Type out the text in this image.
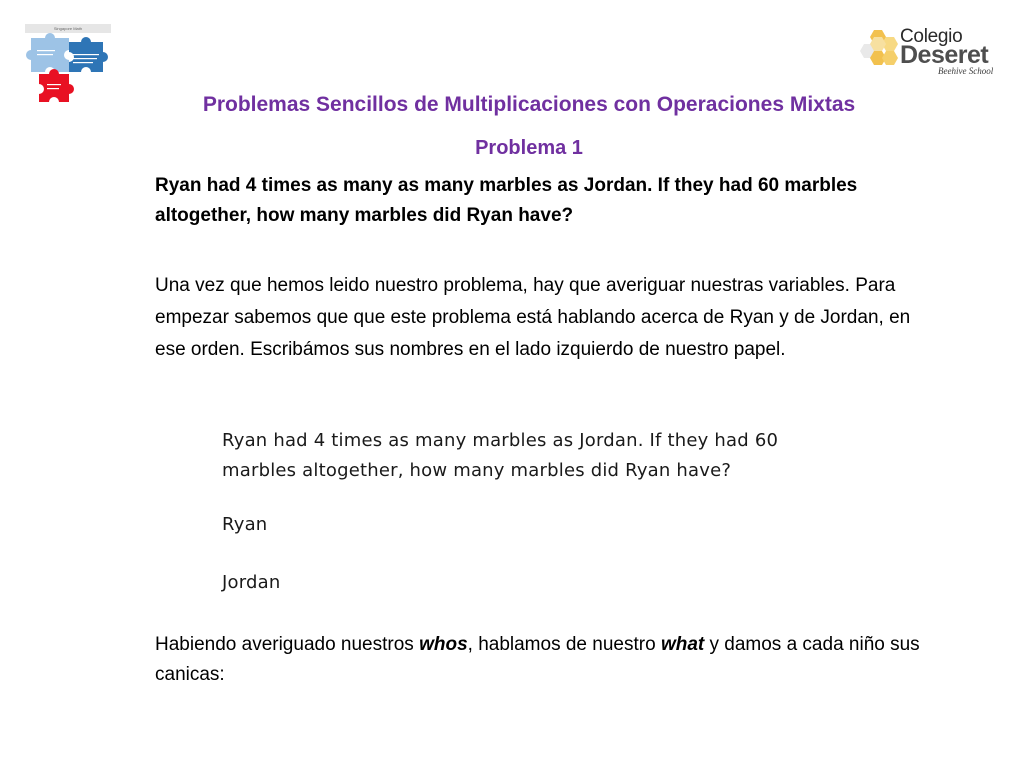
Singapore Math	Colegio
Deseret
Beehive School
Problemas Sencillos de Multiplicaciones con Operaciones Mixtas
Problema 1
Ryan had 4 times as many as many marbles as Jordan. If they had 60 marbles altogether, how many marbles did Ryan have?
Una vez que hemos leido nuestro problema, hay que averiguar nuestras variables. Para empezar sabemos que que este problema está hablando acerca de Ryan y de Jordan, en ese orden. Escribámos sus nombres en el lado izquierdo de nuestro papel.
Ryan had 4 times as many marbles as Jordan. If they had 60
marbles altogether, how many marbles did Ryan have?
Ryan
Jordan
Habiendo averiguado nuestros whos, hablamos de nuestro what y damos a cada niño sus canicas:
